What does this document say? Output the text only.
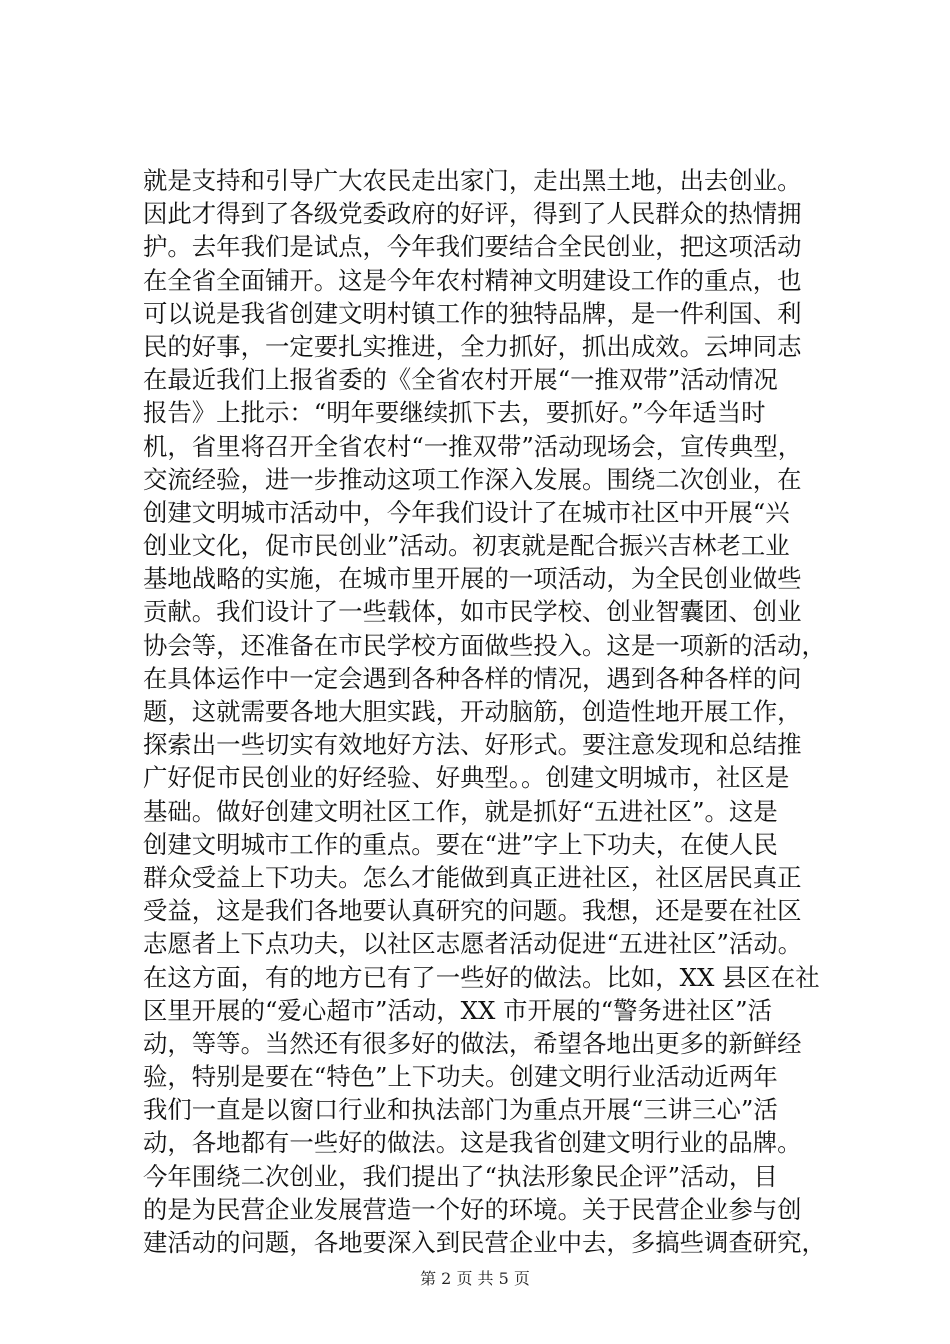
就是支持和引导广大农民走出家门，走出黑土地，出去创业。
因此才得到了各级党委政府的好评，得到了人民群众的热情拥
护。去年我们是试点，今年我们要结合全民创业，把这项活动
在全省全面铺开。这是今年农村精神文明建设工作的重点，也
可以说是我省创建文明村镇工作的独特品牌，是一件利国、利
民的好事，一定要扎实推进，全力抓好，抓出成效。云坤同志
在最近我们上报省委的《全省农村开展“一推双带”活动情况
报告》上批示：“明年要继续抓下去，要抓好。”今年适当时
机，省里将召开全省农村“一推双带”活动现场会，宣传典型，
交流经验，进一步推动这项工作深入发展。围绕二次创业，在
创建文明城市活动中，今年我们设计了在城市社区中开展“兴
创业文化，促市民创业”活动。初衷就是配合振兴吉林老工业
基地战略的实施，在城市里开展的一项活动，为全民创业做些
贡献。我们设计了一些载体，如市民学校、创业智囊团、创业
协会等，还准备在市民学校方面做些投入。这是一项新的活动，
在具体运作中一定会遇到各种各样的情况，遇到各种各样的问
题，这就需要各地大胆实践，开动脑筋，创造性地开展工作，
探索出一些切实有效地好方法、好形式。要注意发现和总结推
广好促市民创业的好经验、好典型。。创建文明城市，社区是
基础。做好创建文明社区工作，就是抓好“五进社区”。这是
创建文明城市工作的重点。要在“进”字上下功夫，在使人民
群众受益上下功夫。怎么才能做到真正进社区，社区居民真正
受益，这是我们各地要认真研究的问题。我想，还是要在社区
志愿者上下点功夫，以社区志愿者活动促进“五进社区”活动。
在这方面，有的地方已有了一些好的做法。比如，XX 县区在社
区里开展的“爱心超市”活动，XX 市开展的“警务进社区”活
动，等等。当然还有很多好的做法，希望各地出更多的新鲜经
验，特别是要在“特色”上下功夫。创建文明行业活动近两年
我们一直是以窗口行业和执法部门为重点开展“三讲三心”活
动，各地都有一些好的做法。这是我省创建文明行业的品牌。
今年围绕二次创业，我们提出了“执法形象民企评”活动，目
的是为民营企业发展营造一个好的环境。关于民营企业参与创
建活动的问题，各地要深入到民营企业中去，多搞些调查研究，
第 2 页 共 5 页
